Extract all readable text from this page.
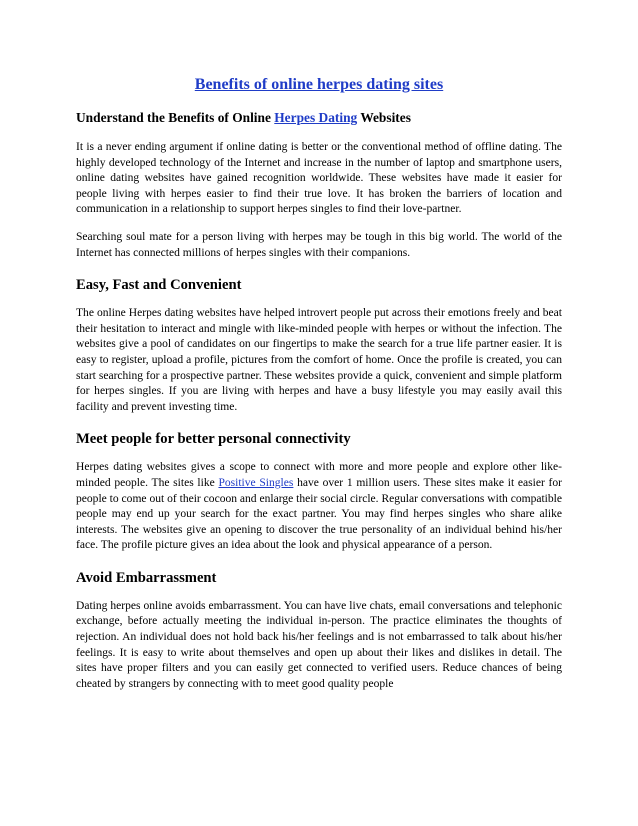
Benefits of online herpes dating sites
Understand the Benefits of Online Herpes Dating Websites

It is a never ending argument if online dating is better or the conventional method of offline dating. The highly developed technology of the Internet and increase in the number of laptop and smartphone users, online dating websites have gained recognition worldwide. These websites have made it easier for people living with herpes easier to find their true love. It has broken the barriers of location and communication in a relationship to support herpes singles to find their love-partner.

Searching soul mate for a person living with herpes may be tough in this big world. The world of the Internet has connected millions of herpes singles with their companions.

Easy, Fast and Convenient

The online Herpes dating websites have helped introvert people put across their emotions freely and beat their hesitation to interact and mingle with like-minded people with herpes or without the infection. The websites give a pool of candidates on our fingertips to make the search for a true life partner easier. It is easy to register, upload a profile, pictures from the comfort of home. Once the profile is created, you can start searching for a prospective partner. These websites provide a quick, convenient and simple platform for herpes singles. If you are living with herpes and have a busy lifestyle you may easily avail this facility and prevent investing time.

Meet people for better personal connectivity

Herpes dating websites gives a scope to connect with more and more people and explore other like-minded people. The sites like Positive Singles have over 1 million users. These sites make it easier for people to come out of their cocoon and enlarge their social circle. Regular conversations with compatible people may end up your search for the exact partner. You may find herpes singles who share alike interests. The websites give an opening to discover the true personality of an individual behind his/her face. The profile picture gives an idea about the look and physical appearance of a person.

Avoid Embarrassment

Dating herpes online avoids embarrassment. You can have live chats, email conversations and telephonic exchange, before actually meeting the individual in-person. The practice eliminates the thoughts of rejection. An individual does not hold back his/her feelings and is not embarrassed to talk about his/her feelings. It is easy to write about themselves and open up about their likes and dislikes in detail. The sites have proper filters and you can easily get connected to verified users. Reduce chances of being cheated by strangers by connecting with to meet good quality people
